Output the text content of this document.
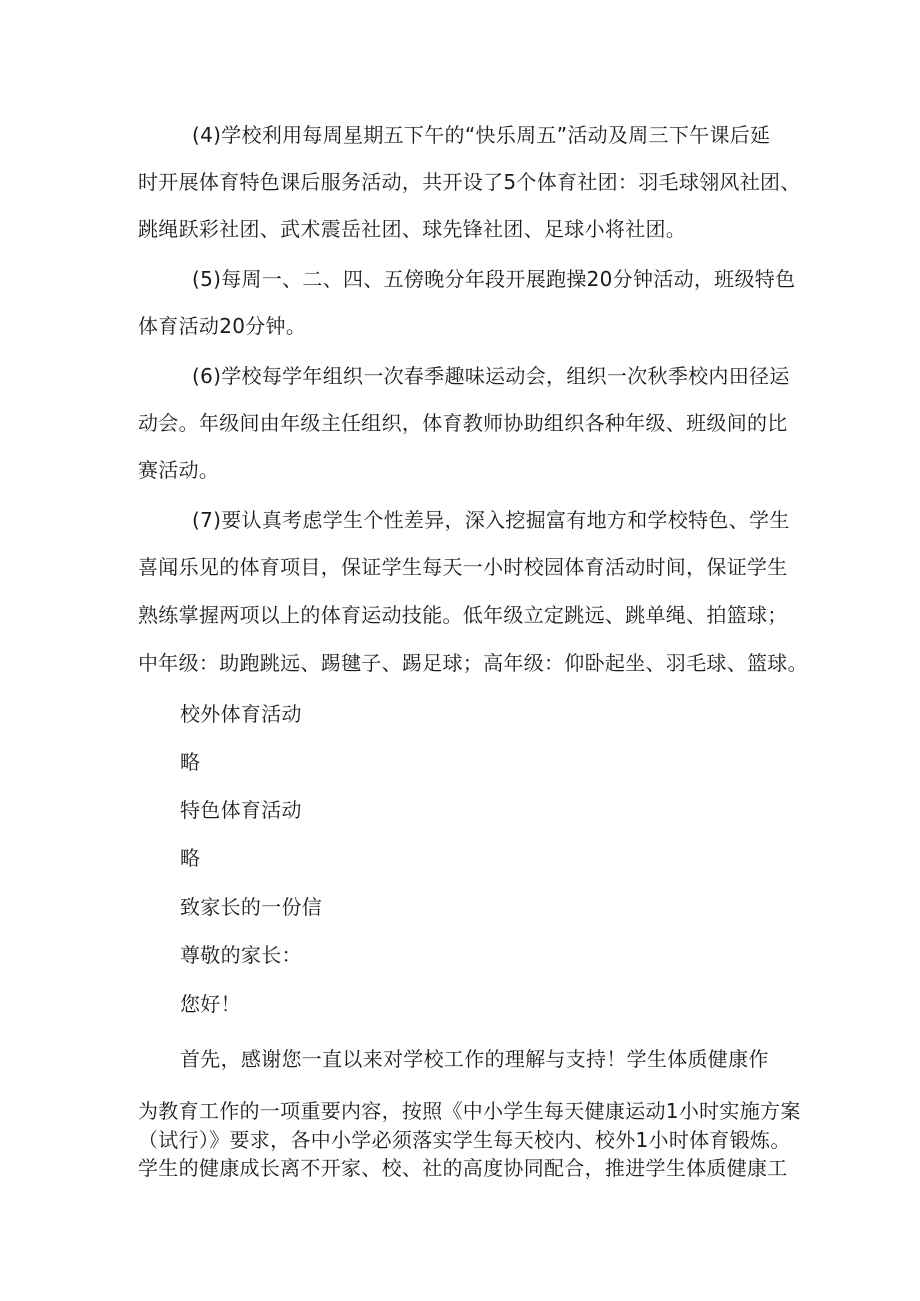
(4)学校利用每周星期五下午的“快乐周五”活动及周三下午课后延
时开展体育特色课后服务活动，共开设了5个体育社团：羽毛球翎风社团、
跳绳跃彩社团、武术震岳社团、球先锋社团、足球小将社团。
(5)每周一、二、四、五傍晚分年段开展跑操20分钟活动，班级特色
体育活动20分钟。
(6)学校每学年组织一次春季趣味运动会，组织一次秋季校内田径运
动会。年级间由年级主任组织，体育教师协助组织各种年级、班级间的比
赛活动。
(7)要认真考虑学生个性差异，深入挖掘富有地方和学校特色、学生
喜闻乐见的体育项目，保证学生每天一小时校园体育活动时间，保证学生
熟练掌握两项以上的体育运动技能。低年级立定跳远、跳单绳、拍篮球；
中年级：助跑跳远、踢毽子、踢足球；高年级：仰卧起坐、羽毛球、篮球。
校外体育活动
略
特色体育活动
略
致家长的一份信
尊敬的家长：
您好！
首先，感谢您一直以来对学校工作的理解与支持！学生体质健康作
为教育工作的一项重要内容，按照《中小学生每天健康运动1小时实施方案
（试行）》要求，各中小学必须落实学生每天校内、校外1小时体育锻炼。
学生的健康成长离不开家、校、社的高度协同配合，推进学生体质健康工
